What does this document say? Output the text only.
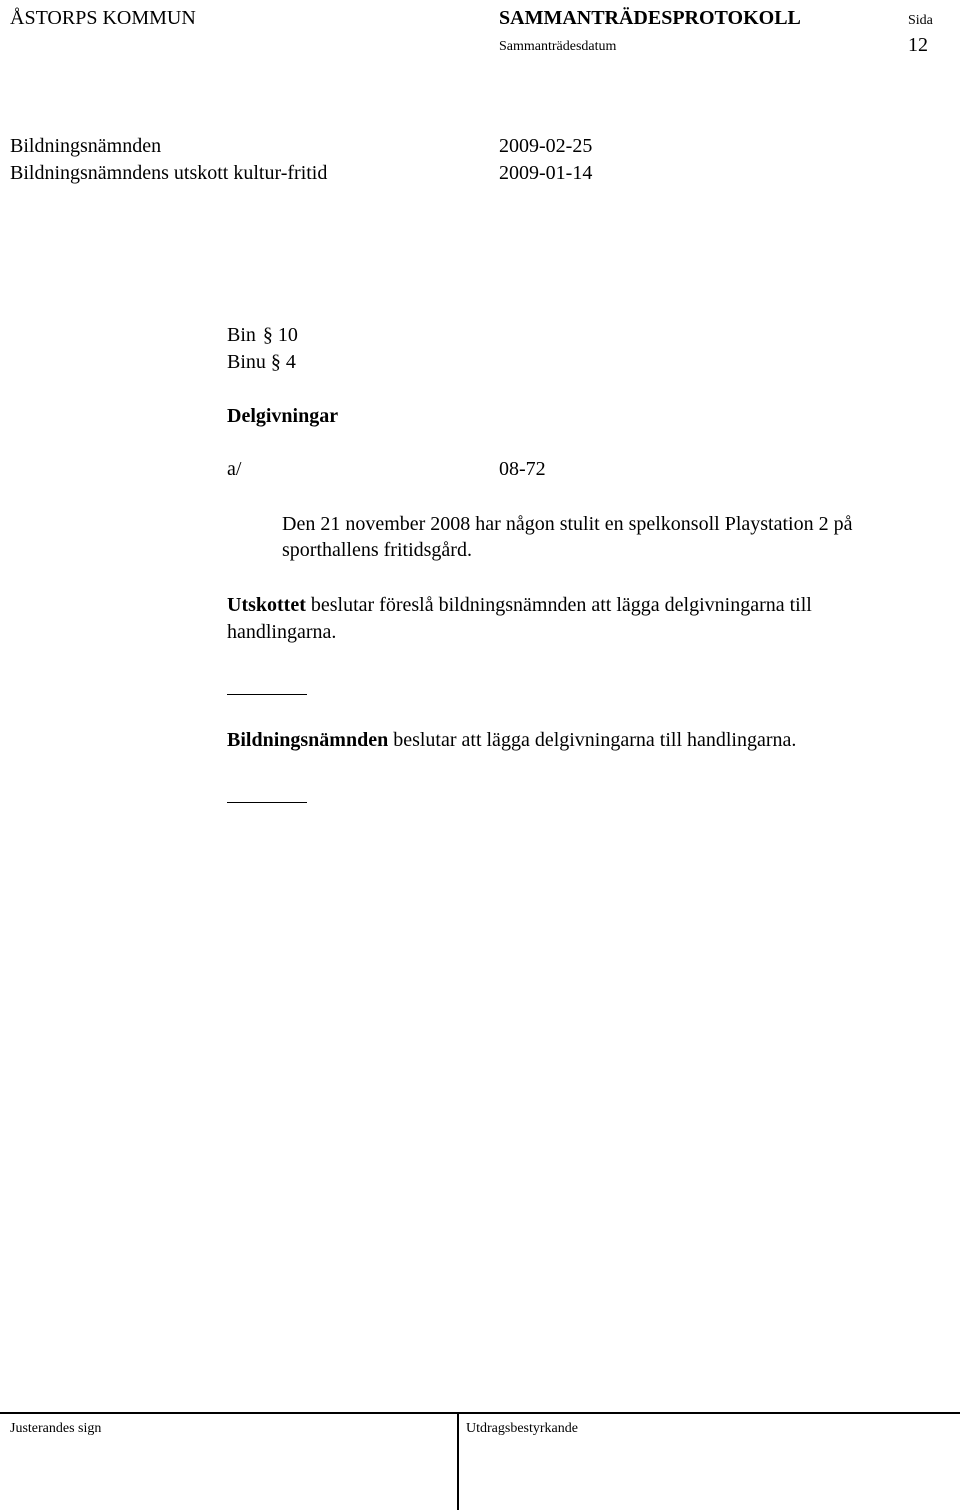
ÅSTORPS KOMMUN	SAMMANTRÄDESPROTOKOLL	Sida
Sammanträdesdatum	12
Bildningsnämnden	2009-02-25
Bildningsnämndens utskott kultur-fritid	2009-01-14
Bin § 10
Binu § 4
Delgivningar
a/	08-72
Den 21 november 2008 har någon stulit en spelkonsoll Playstation 2 på
sporthallens fritidsgård.
Utskottet beslutar föreslå bildningsnämnden att lägga delgivningarna till
handlingarna.
Bildningsnämnden beslutar att lägga delgivningarna till handlingarna.
Justerandes sign	Utdragsbestyrkande
